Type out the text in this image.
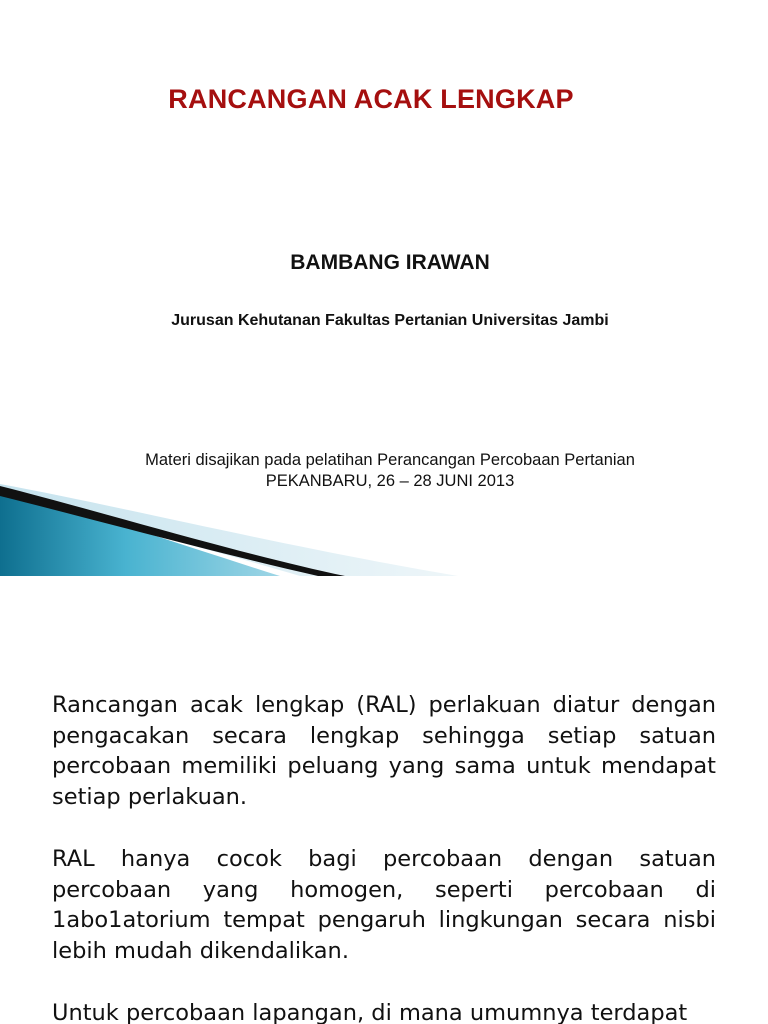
RANCANGAN ACAK LENGKAP
BAMBANG IRAWAN
Jurusan Kehutanan Fakultas Pertanian Universitas Jambi
Materi disajikan pada pelatihan Perancangan Percobaan Pertanian
PEKANBARU, 26 – 28 JUNI 2013

Rancangan acak lengkap (RAL) perlakuan diatur dengan pengacakan secara lengkap sehingga setiap satuan percobaan memiliki peluang yang sama untuk mendapat setiap perlakuan.

RAL hanya cocok bagi percobaan dengan satuan percobaan yang homogen, seperti percobaan di 1abo1atorium tempat pengaruh lingkungan secara nisbi lebih mudah dikendalikan.

Untuk percobaan lapangan, di mana umumnya terdapat
